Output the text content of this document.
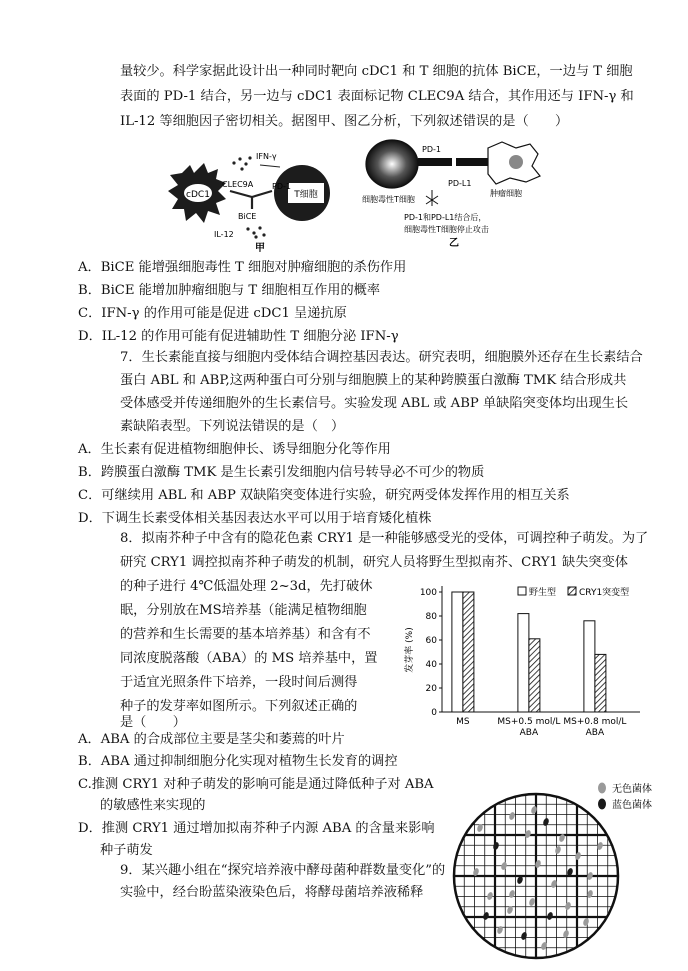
量较少。科学家据此设计出一种同时靶向 cDC1 和 T 细胞的抗体 BiCE，一边与 T 细胞
表面的 PD-1 结合，另一边与 cDC1 表面标记物 CLEC9A 结合，其作用还与 IFN-γ 和
IL-12 等细胞因子密切相关。据图甲、图乙分析，下列叙述错误的是（　　）
cDC1	T细胞
PD-1
CLEC9A
BiCE
IFN-γ
IL-12
甲
PD-1
PD-L1
肿瘤细胞
细胞毒性T细胞
PD-1和PD-L1结合后，
细胞毒性T细胞停止攻击
乙
A．BiCE 能增强细胞毒性 T 细胞对肿瘤细胞的杀伤作用
B．BiCE 能增加肿瘤细胞与 T 细胞相互作用的概率
C．IFN-γ 的作用可能是促进 cDC1 呈递抗原
D．IL-12 的作用可能有促进辅助性 T 细胞分泌 IFN-γ
7．生长素能直接与细胞内受体结合调控基因表达。研究表明，细胞膜外还存在生长素结合
蛋白 ABL 和 ABP,这两种蛋白可分别与细胞膜上的某种跨膜蛋白激酶 TMK 结合形成共
受体感受并传递细胞外的生长素信号。实验发现 ABL 或 ABP 单缺陷突变体均出现生长
素缺陷表型。下列说法错误的是（　）
A．生长素有促进植物细胞伸长、诱导细胞分化等作用
B．跨膜蛋白激酶 TMK 是生长素引发细胞内信号转导必不可少的物质
C．可继续用 ABL 和 ABP 双缺陷突变体进行实验，研究两受体发挥作用的相互关系
D．下调生长素受体相关基因表达水平可以用于培育矮化植株
8．拟南芥种子中含有的隐花色素 CRY1 是一种能够感受光的受体，可调控种子萌发。为了
研究 CRY1 调控拟南芥种子萌发的机制，研究人员将野生型拟南芥、CRY1 缺失突变体
的种子进行 4℃低温处理 2~3d，先打破休
眠，分别放在MS培养基（能满足植物细胞
的营养和生长需要的基本培养基）和含有不
同浓度脱落酸（ABA）的 MS 培养基中，置
于适宜光照条件下培养，一段时间后测得
种子的发芽率如图所示。下列叙述正确的
是（　　）
发芽率 (%)
0
20
40
60
80
100
MS	MS+0.5 mol/L
ABA
MS+0.8 mol/L
ABA
野生型	CRY1突变型
A．ABA 的合成部位主要是茎尖和萎蔫的叶片
B．ABA 通过抑制细胞分化实现对植物生长发育的调控
C.推测 CRY1 对种子萌发的影响可能是通过降低种子对 ABA
的敏感性来实现的
D．推测 CRY1 通过增加拟南芥种子内源 ABA 的含量来影响
种子萌发
9．某兴趣小组在“探究培养液中酵母菌种群数量变化”的
实验中，经台盼蓝染液染色后，将酵母菌培养液稀释
无色菌体
蓝色菌体
